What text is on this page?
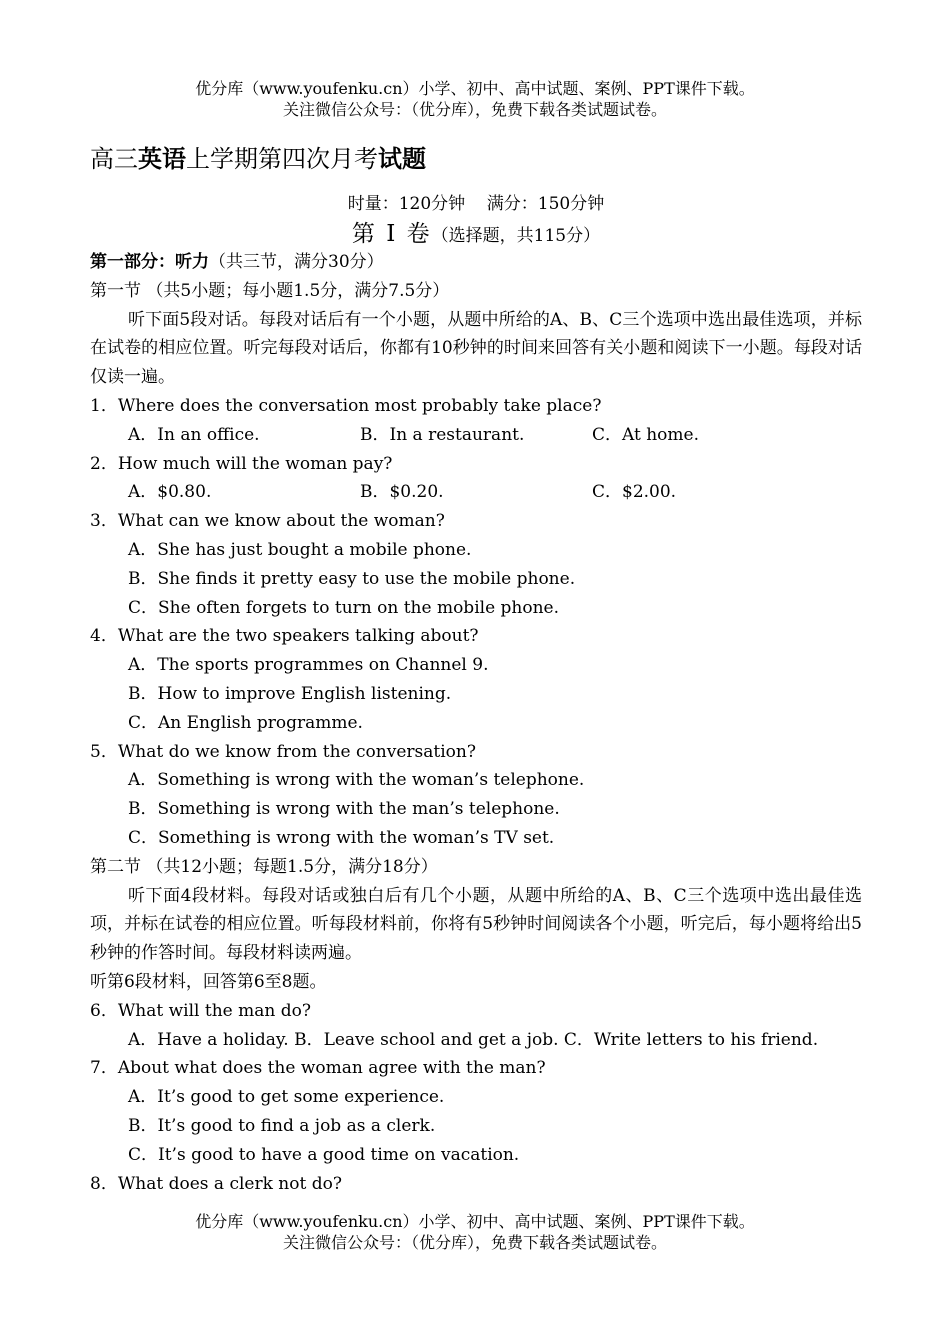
优分库（www.youfenku.cn）小学、初中、高中试题、案例、PPT课件下载。
关注微信公众号：（优分库），免费下载各类试题试卷。
高三英语上学期第四次月考试题
时量：120分钟    满分：150分钟
第 I 卷（选择题，共115分）
第一部分：听力（共三节，满分30分）
第一节 （共5小题；每小题1.5分，满分7.5分）
听下面5段对话。每段对话后有一个小题，从题中所给的A、B、C三个选项中选出最佳选项，并标在试卷的相应位置。听完每段对话后，你都有10秒钟的时间来回答有关小题和阅读下一小题。每段对话仅读一遍。
1．Where does the conversation most probably take place?
A．In an office.	B．In a restaurant.	C．At home.
2．How much will the woman pay?
A．$0.80.	B．$0.20.	C．$2.00.
3．What can we know about the woman?
A．She has just bought a mobile phone.
B．She finds it pretty easy to use the mobile phone.
C．She often forgets to turn on the mobile phone.
4．What are the two speakers talking about?
A．The sports programmes on Channel 9.
B．How to improve English listening.
C．An English programme.
5．What do we know from the conversation?
A．Something is wrong with the woman’s telephone.
B．Something is wrong with the man’s telephone.
C．Something is wrong with the woman’s TV set.
第二节 （共12小题；每题1.5分，满分18分）
听下面4段材料。每段对话或独白后有几个小题，从题中所给的A、B、C三个选项中选出最佳选项，并标在试卷的相应位置。听每段材料前，你将有5秒钟时间阅读各个小题，听完后，每小题将给出5秒钟的作答时间。每段材料读两遍。
听第6段材料，回答第6至8题。
6．What will the man do?
A．Have a holiday. B．Leave school and get a job. C．Write letters to his friend.
7．About what does the woman agree with the man?
A．It’s good to get some experience.
B．It’s good to find a job as a clerk.
C．It’s good to have a good time on vacation.
8．What does a clerk not do?
优分库（www.youfenku.cn）小学、初中、高中试题、案例、PPT课件下载。
关注微信公众号：（优分库），免费下载各类试题试卷。
